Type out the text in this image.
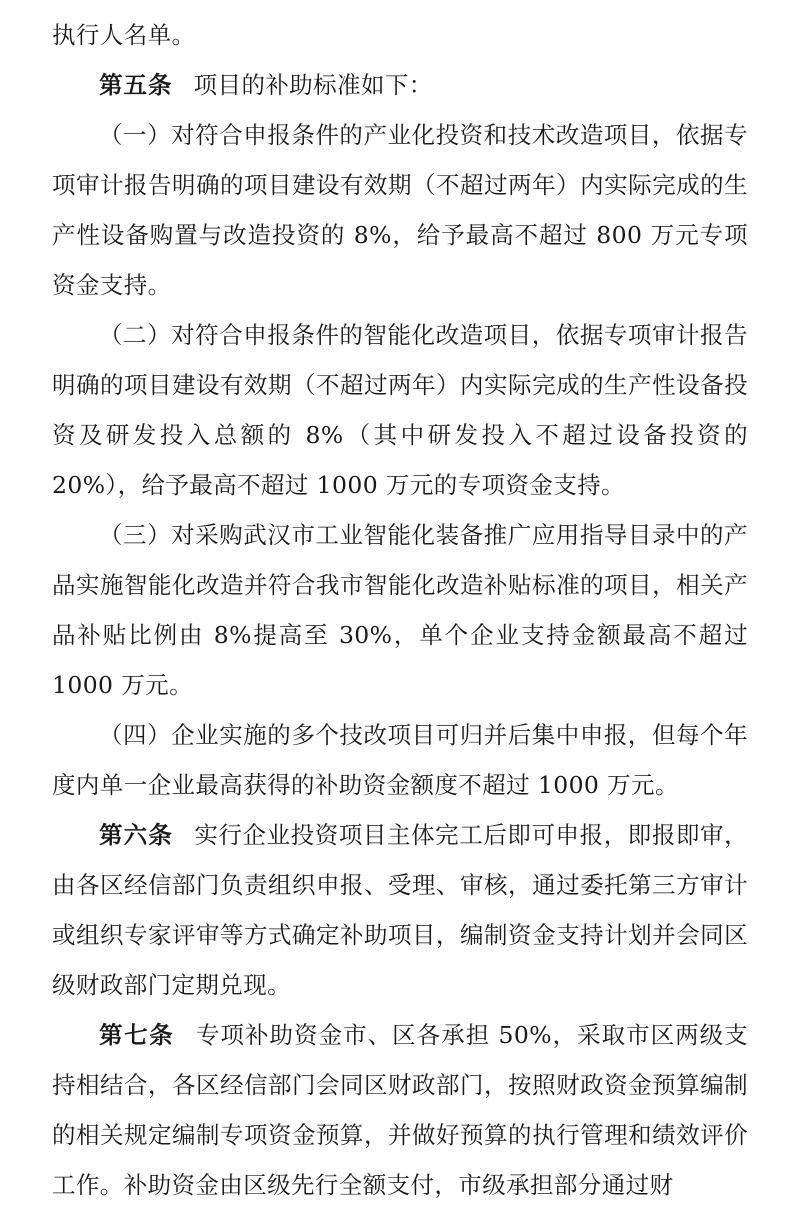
执行人名单。

第五条 项目的补助标准如下：

（一）对符合申报条件的产业化投资和技术改造项目，依据专项审计报告明确的项目建设有效期（不超过两年）内实际完成的生产性设备购置与改造投资的 8%，给予最高不超过 800 万元专项资金支持。

（二）对符合申报条件的智能化改造项目，依据专项审计报告明确的项目建设有效期（不超过两年）内实际完成的生产性设备投资及研发投入总额的 8%（其中研发投入不超过设备投资的 20%），给予最高不超过 1000 万元的专项资金支持。

（三）对采购武汉市工业智能化装备推广应用指导目录中的产品实施智能化改造并符合我市智能化改造补贴标准的项目，相关产品补贴比例由 8%提高至 30%，单个企业支持金额最高不超过 1000 万元。

（四）企业实施的多个技改项目可归并后集中申报，但每个年度内单一企业最高获得的补助资金额度不超过 1000 万元。

第六条 实行企业投资项目主体完工后即可申报，即报即审，由各区经信部门负责组织申报、受理、审核，通过委托第三方审计或组织专家评审等方式确定补助项目，编制资金支持计划并会同区级财政部门定期兑现。

第七条 专项补助资金市、区各承担 50%，采取市区两级支持相结合，各区经信部门会同区财政部门，按照财政资金预算编制的相关规定编制专项资金预算，并做好预算的执行管理和绩效评价工作。补助资金由区级先行全额支付，市级承担部分通过财
